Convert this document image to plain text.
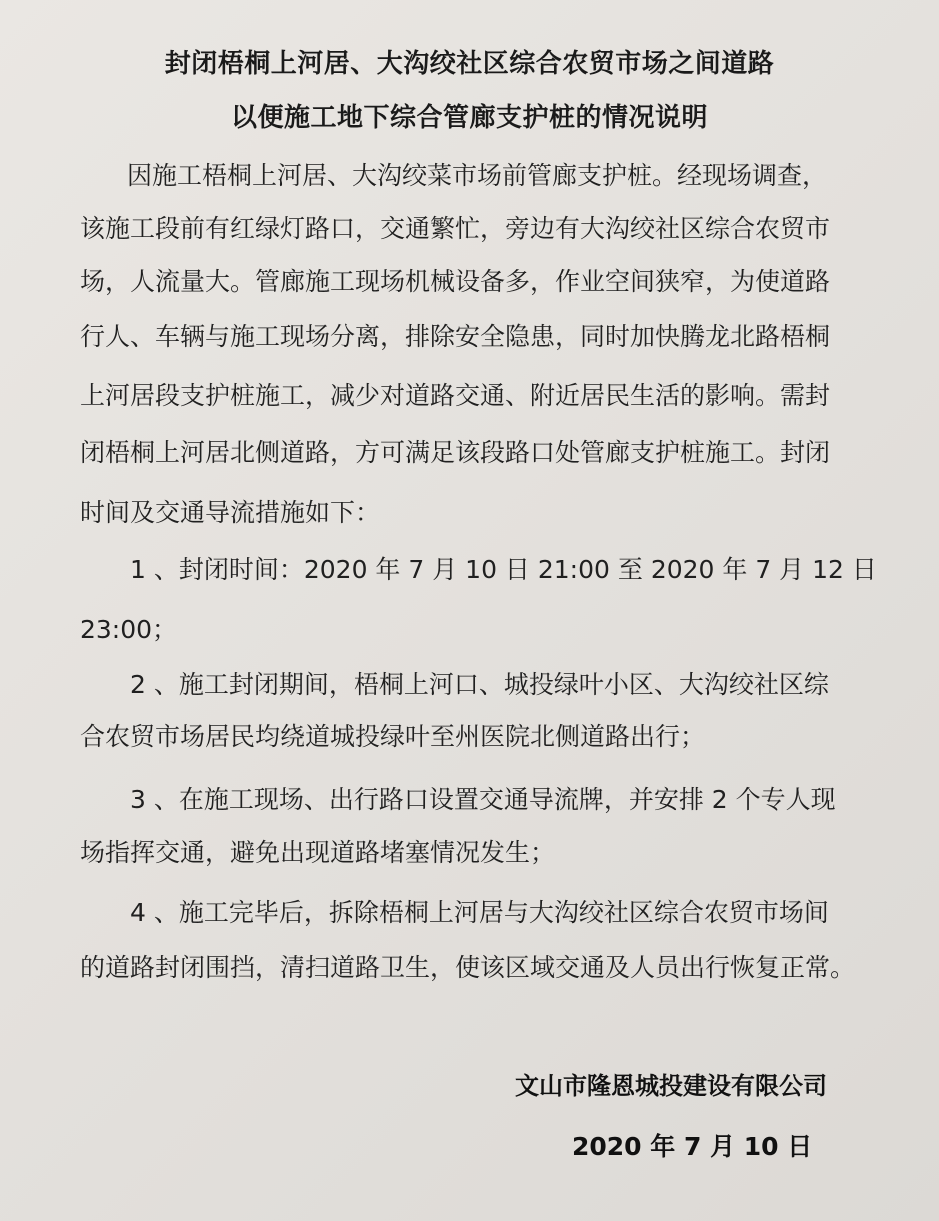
封闭梧桐上河居、大沟绞社区综合农贸市场之间道路
以便施工地下综合管廊支护桩的情况说明
因施工梧桐上河居、大沟绞菜市场前管廊支护桩。经现场调查，
该施工段前有红绿灯路口，交通繁忙，旁边有大沟绞社区综合农贸市
场，人流量大。管廊施工现场机械设备多，作业空间狭窄，为使道路
行人、车辆与施工现场分离，排除安全隐患，同时加快腾龙北路梧桐
上河居段支护桩施工，减少对道路交通、附近居民生活的影响。需封
闭梧桐上河居北侧道路，方可满足该段路口处管廊支护桩施工。封闭
时间及交通导流措施如下：
1 、封闭时间：2020 年 7 月 10 日 21:00 至 2020 年 7 月 12 日
23:00；
2 、施工封闭期间，梧桐上河口、城投绿叶小区、大沟绞社区综
合农贸市场居民均绕道城投绿叶至州医院北侧道路出行；
3 、在施工现场、出行路口设置交通导流牌，并安排 2 个专人现
场指挥交通，避免出现道路堵塞情况发生；
4 、施工完毕后，拆除梧桐上河居与大沟绞社区综合农贸市场间
的道路封闭围挡，清扫道路卫生，使该区域交通及人员出行恢复正常。
文山市隆恩城投建设有限公司
2020 年 7 月 10 日
